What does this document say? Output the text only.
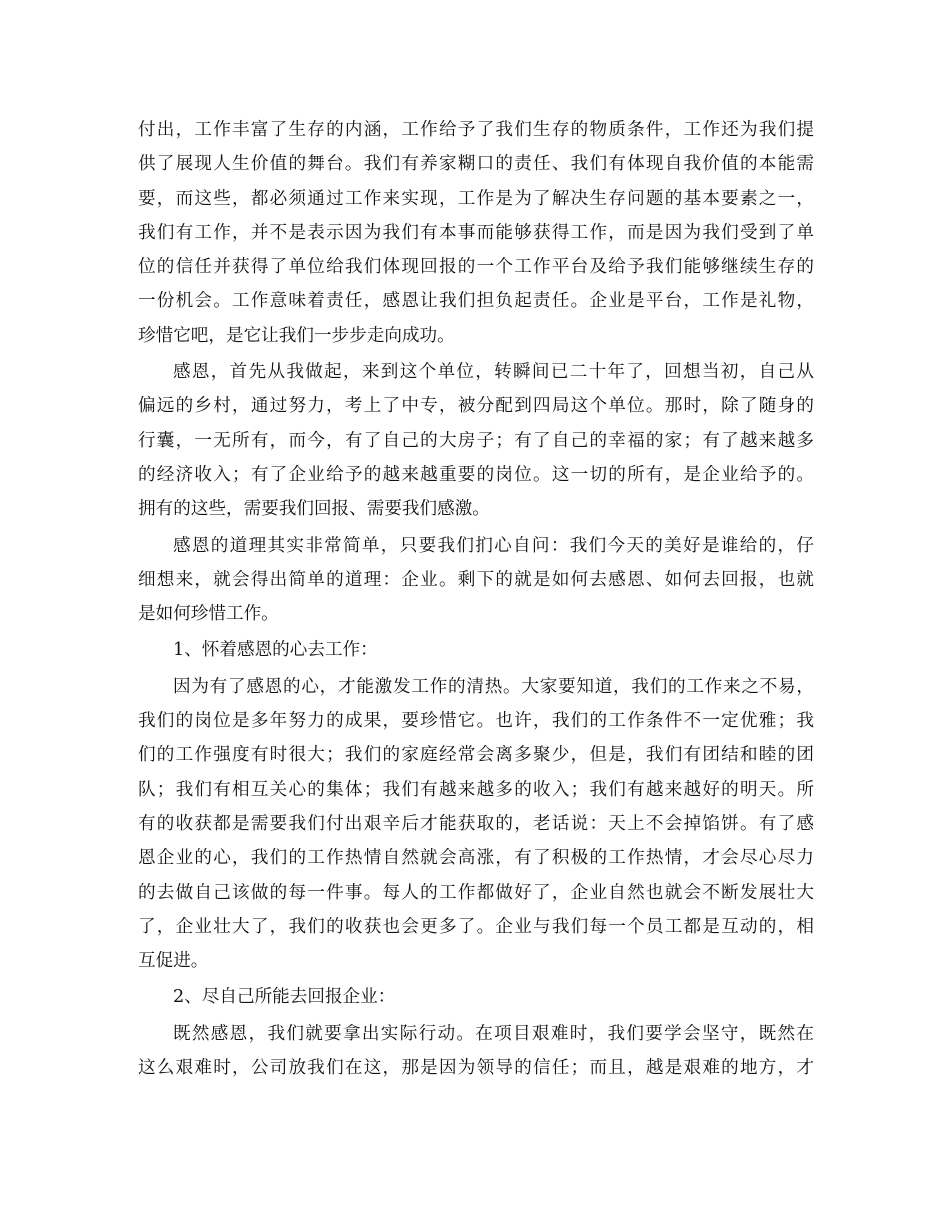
付出，工作丰富了生存的内涵，工作给予了我们生存的物质条件，工作还为我们提
供了展现人生价值的舞台。我们有养家糊口的责任、我们有体现自我价值的本能需
要，而这些，都必须通过工作来实现，工作是为了解决生存问题的基本要素之一，
我们有工作，并不是表示因为我们有本事而能够获得工作，而是因为我们受到了单
位的信任并获得了单位给我们体现回报的一个工作平台及给予我们能够继续生存的
一份机会。工作意味着责任，感恩让我们担负起责任。企业是平台，工作是礼物，
珍惜它吧，是它让我们一步步走向成功。
感恩，首先从我做起，来到这个单位，转瞬间已二十年了，回想当初，自己从
偏远的乡村，通过努力，考上了中专，被分配到四局这个单位。那时，除了随身的
行囊，一无所有，而今，有了自己的大房子；有了自己的幸福的家；有了越来越多
的经济收入；有了企业给予的越来越重要的岗位。这一切的所有，是企业给予的。
拥有的这些，需要我们回报、需要我们感激。
感恩的道理其实非常简单，只要我们扪心自问：我们今天的美好是谁给的，仔
细想来，就会得出简单的道理：企业。剩下的就是如何去感恩、如何去回报，也就
是如何珍惜工作。
1、怀着感恩的心去工作：
因为有了感恩的心，才能激发工作的清热。大家要知道，我们的工作来之不易，
我们的岗位是多年努力的成果，要珍惜它。也许，我们的工作条件不一定优雅；我
们的工作强度有时很大；我们的家庭经常会离多聚少，但是，我们有团结和睦的团
队；我们有相互关心的集体；我们有越来越多的收入；我们有越来越好的明天。所
有的收获都是需要我们付出艰辛后才能获取的，老话说：天上不会掉馅饼。有了感
恩企业的心，我们的工作热情自然就会高涨，有了积极的工作热情，才会尽心尽力
的去做自己该做的每一件事。每人的工作都做好了，企业自然也就会不断发展壮大
了，企业壮大了，我们的收获也会更多了。企业与我们每一个员工都是互动的，相
互促进。
2、尽自己所能去回报企业：
既然感恩，我们就要拿出实际行动。在项目艰难时，我们要学会坚守，既然在
这么艰难时，公司放我们在这，那是因为领导的信任；而且，越是艰难的地方，才
